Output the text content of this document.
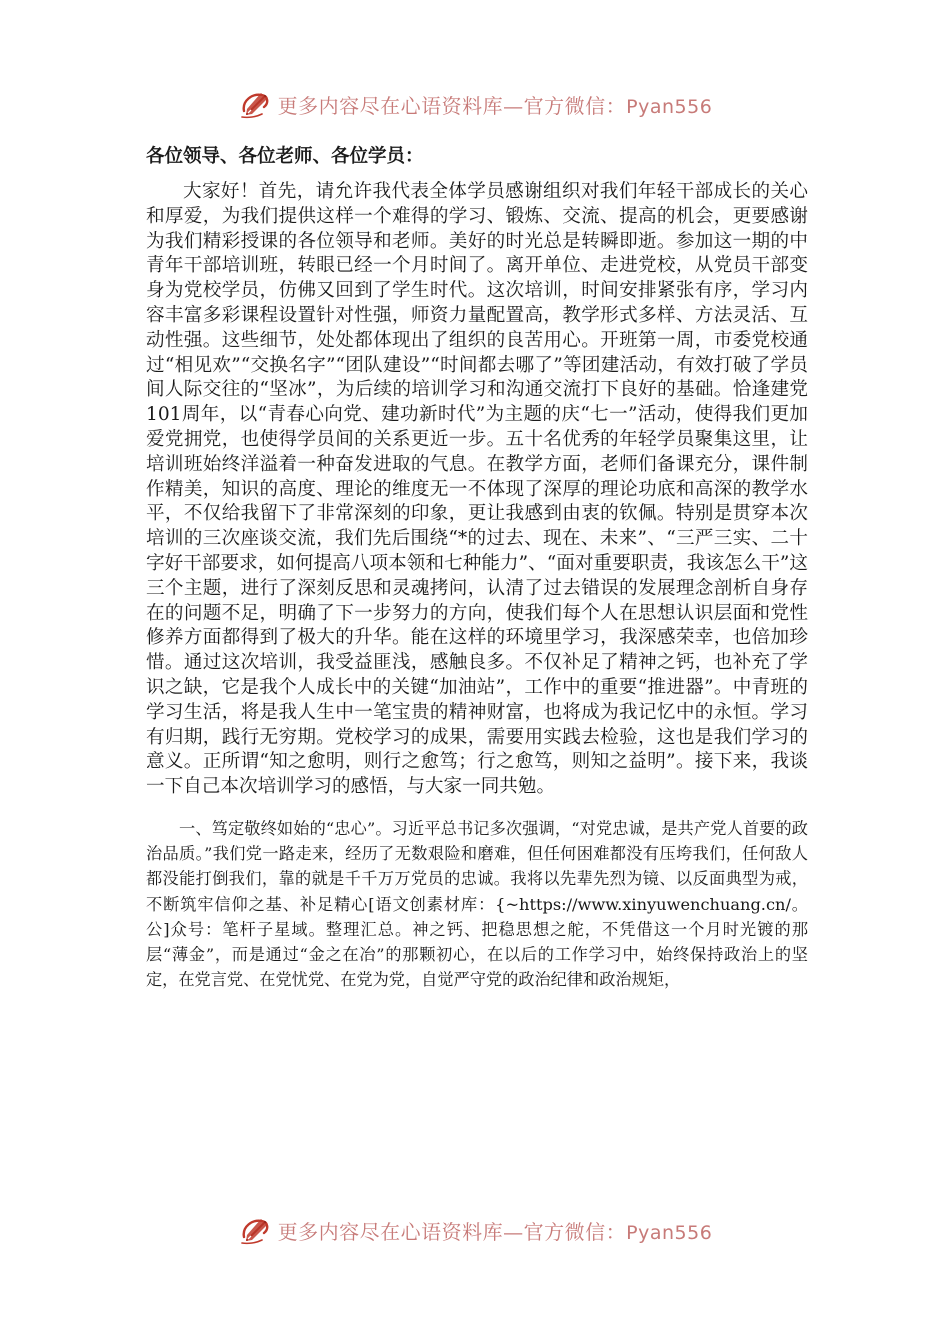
更多内容尽在心语资料库—官方微信：Pyan556
各位领导、各位老师、各位学员：

大家好！首先，请允许我代表全体学员感谢组织对我们年轻干部成长的关心和厚爱，为我们提供这样一个难得的学习、锻炼、交流、提高的机会，更要感谢为我们精彩授课的各位领导和老师。美好的时光总是转瞬即逝。参加这一期的中青年干部培训班，转眼已经一个月时间了。离开单位、走进党校，从党员干部变身为党校学员，仿佛又回到了学生时代。这次培训，时间安排紧张有序，学习内容丰富多彩课程设置针对性强，师资力量配置高，教学形式多样、方法灵活、互动性强。这些细节，处处都体现出了组织的良苦用心。开班第一周，市委党校通过“相见欢”“交换名字”“团队建设”“时间都去哪了”等团建活动，有效打破了学员间人际交往的“坚冰”，为后续的培训学习和沟通交流打下良好的基础。恰逢建党101周年，以“青春心向党、建功新时代”为主题的庆“七一”活动，使得我们更加爱党拥党，也使得学员间的关系更近一步。五十名优秀的年轻学员聚集这里，让培训班始终洋溢着一种奋发进取的气息。在教学方面，老师们备课充分，课件制作精美，知识的高度、理论的维度无一不体现了深厚的理论功底和高深的教学水平，不仅给我留下了非常深刻的印象，更让我感到由衷的钦佩。特别是贯穿本次培训的三次座谈交流，我们先后围绕“*的过去、现在、未来”、“三严三实、二十字好干部要求，如何提高八项本领和七种能力”、“面对重要职责，我该怎么干”这三个主题，进行了深刻反思和灵魂拷问，认清了过去错误的发展理念剖析自身存在的问题不足，明确了下一步努力的方向，使我们每个人在思想认识层面和党性修养方面都得到了极大的升华。能在这样的环境里学习，我深感荣幸，也倍加珍惜。通过这次培训，我受益匪浅，感触良多。不仅补足了精神之钙，也补充了学识之缺，它是我个人成长中的关键“加油站”，工作中的重要“推进器”。中青班的学习生活，将是我人生中一笔宝贵的精神财富，也将成为我记忆中的永恒。学习有归期，践行无穷期。党校学习的成果，需要用实践去检验，这也是我们学习的意义。正所谓“知之愈明，则行之愈笃；行之愈笃，则知之益明”。接下来，我谈一下自己本次培训学习的感悟，与大家一同共勉。

一、笃定敬终如始的“忠心”。习近平总书记多次强调，“对党忠诚，是共产党人首要的政治品质。”我们党一路走来，经历了无数艰险和磨难，但任何困难都没有压垮我们，任何敌人都没能打倒我们，靠的就是千千万万党员的忠诚。我将以先辈先烈为镜、以反面典型为戒，不断筑牢信仰之基、补足精心[语文创素材库：{~https://www.xinyuwenchuang.cn/。公]众号：笔杆子星域。整理汇总。神之钙、把稳思想之舵，不凭借这一个月时光镀的那层“薄金”，而是通过“金之在冶”的那颗初心，在以后的工作学习中，始终保持政治上的坚定，在党言党、在党忧党、在党为党，自觉严守党的政治纪律和政治规矩，

更多内容尽在心语资料库—官方微信：Pyan556
